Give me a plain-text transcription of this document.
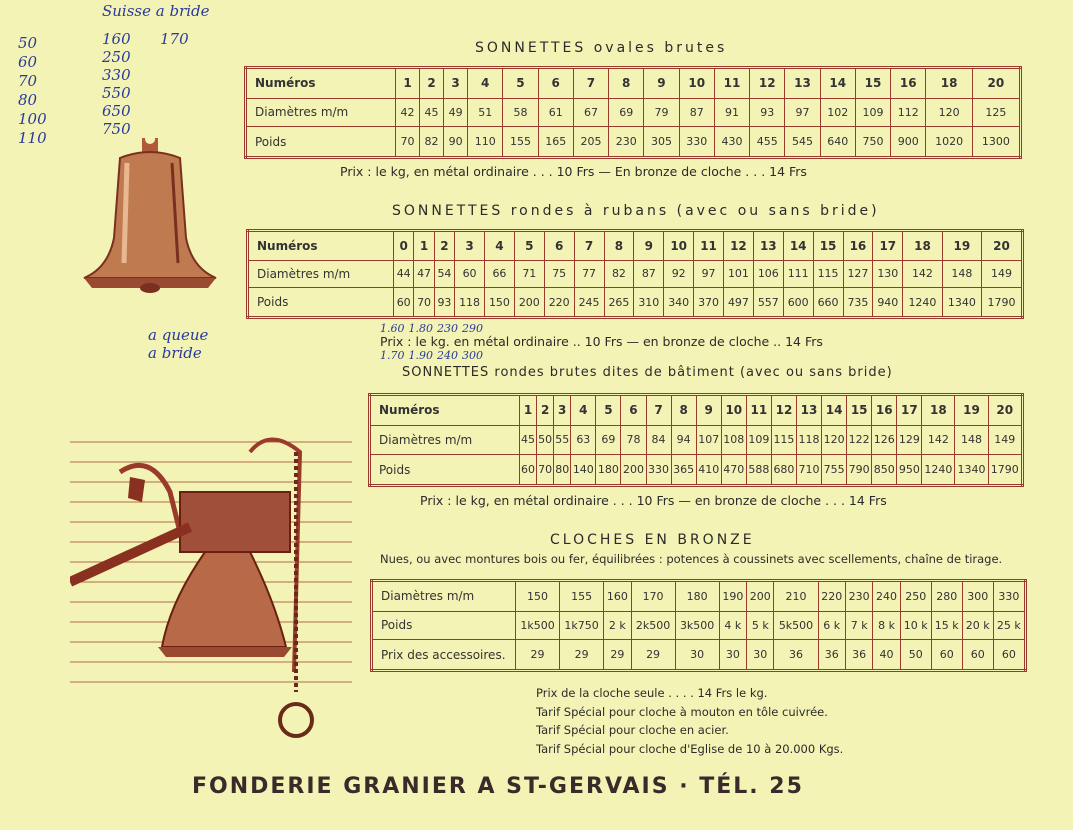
Suisse a bride
50
60
70
80
100
110
160
250
330
550
650
750
170
a queue
a bride
SONNETTES ovales brutes
Numéros	1	2	3	4	5	6	7	8	9	10	11	12	13	14	15	16	18	20
Diamètres m/m	42	45	49	51	58	61	67	69	79	87	91	93	97	102	109	112	120	125
Poids	70	82	90	110	155	165	205	230	305	330	430	455	545	640	750	900	1020	1300
Prix : le kg, en métal ordinaire . . . 10 Frs — En bronze de cloche . . . 14 Frs
SONNETTES rondes à rubans (avec ou sans bride)
Numéros	0	1	2	3	4	5	6	7	8	9	10	11	12	13	14	15	16	17	18	19	20
Diamètres m/m	44	47	54	60	66	71	75	77	82	87	92	97	101	106	111	115	127	130	142	148	149
Poids	60	70	93	118	150	200	220	245	265	310	340	370	497	557	600	660	735	940	1240	1340	1790
Prix : le kg. en métal ordinaire .. 10 Frs — en bronze de cloche .. 14 Frs
1.60 1.80 230 290
1.70 1.90 240 300
SONNETTES rondes brutes dites de bâtiment (avec ou sans bride)
Numéros	1	2	3	4	5	6	7	8	9	10	11	12	13	14	15	16	17	18	19	20
Diamètres m/m	45	50	55	63	69	78	84	94	107	108	109	115	118	120	122	126	129	142	148	149
Poids	60	70	80	140	180	200	330	365	410	470	588	680	710	755	790	850	950	1240	1340	1790
Prix : le kg, en métal ordinaire . . . 10 Frs — en bronze de cloche . . . 14 Frs
CLOCHES EN BRONZE
Nues, ou avec montures bois ou fer, équilibrées : potences à coussinets avec scellements, chaîne de tirage.
Diamètres m/m	150	155	160	170	180	190	200	210	220	230	240	250	280	300	330
Poids	1k500	1k750	2 k	2k500	3k500	4 k	5 k	5k500	6 k	7 k	8 k	10 k	15 k	20 k	25 k
Prix des accessoires.	29	29	29	29	30	30	30	36	36	36	40	50	60	60	60
Prix de la cloche seule . . . . 14 Frs le kg.
Tarif Spécial pour cloche à mouton en tôle cuivrée.
Tarif Spécial pour cloche en acier.
Tarif Spécial pour cloche d'Eglise de 10 à 20.000 Kgs.
FONDERIE GRANIER A ST-GERVAIS · TÉL. 25
